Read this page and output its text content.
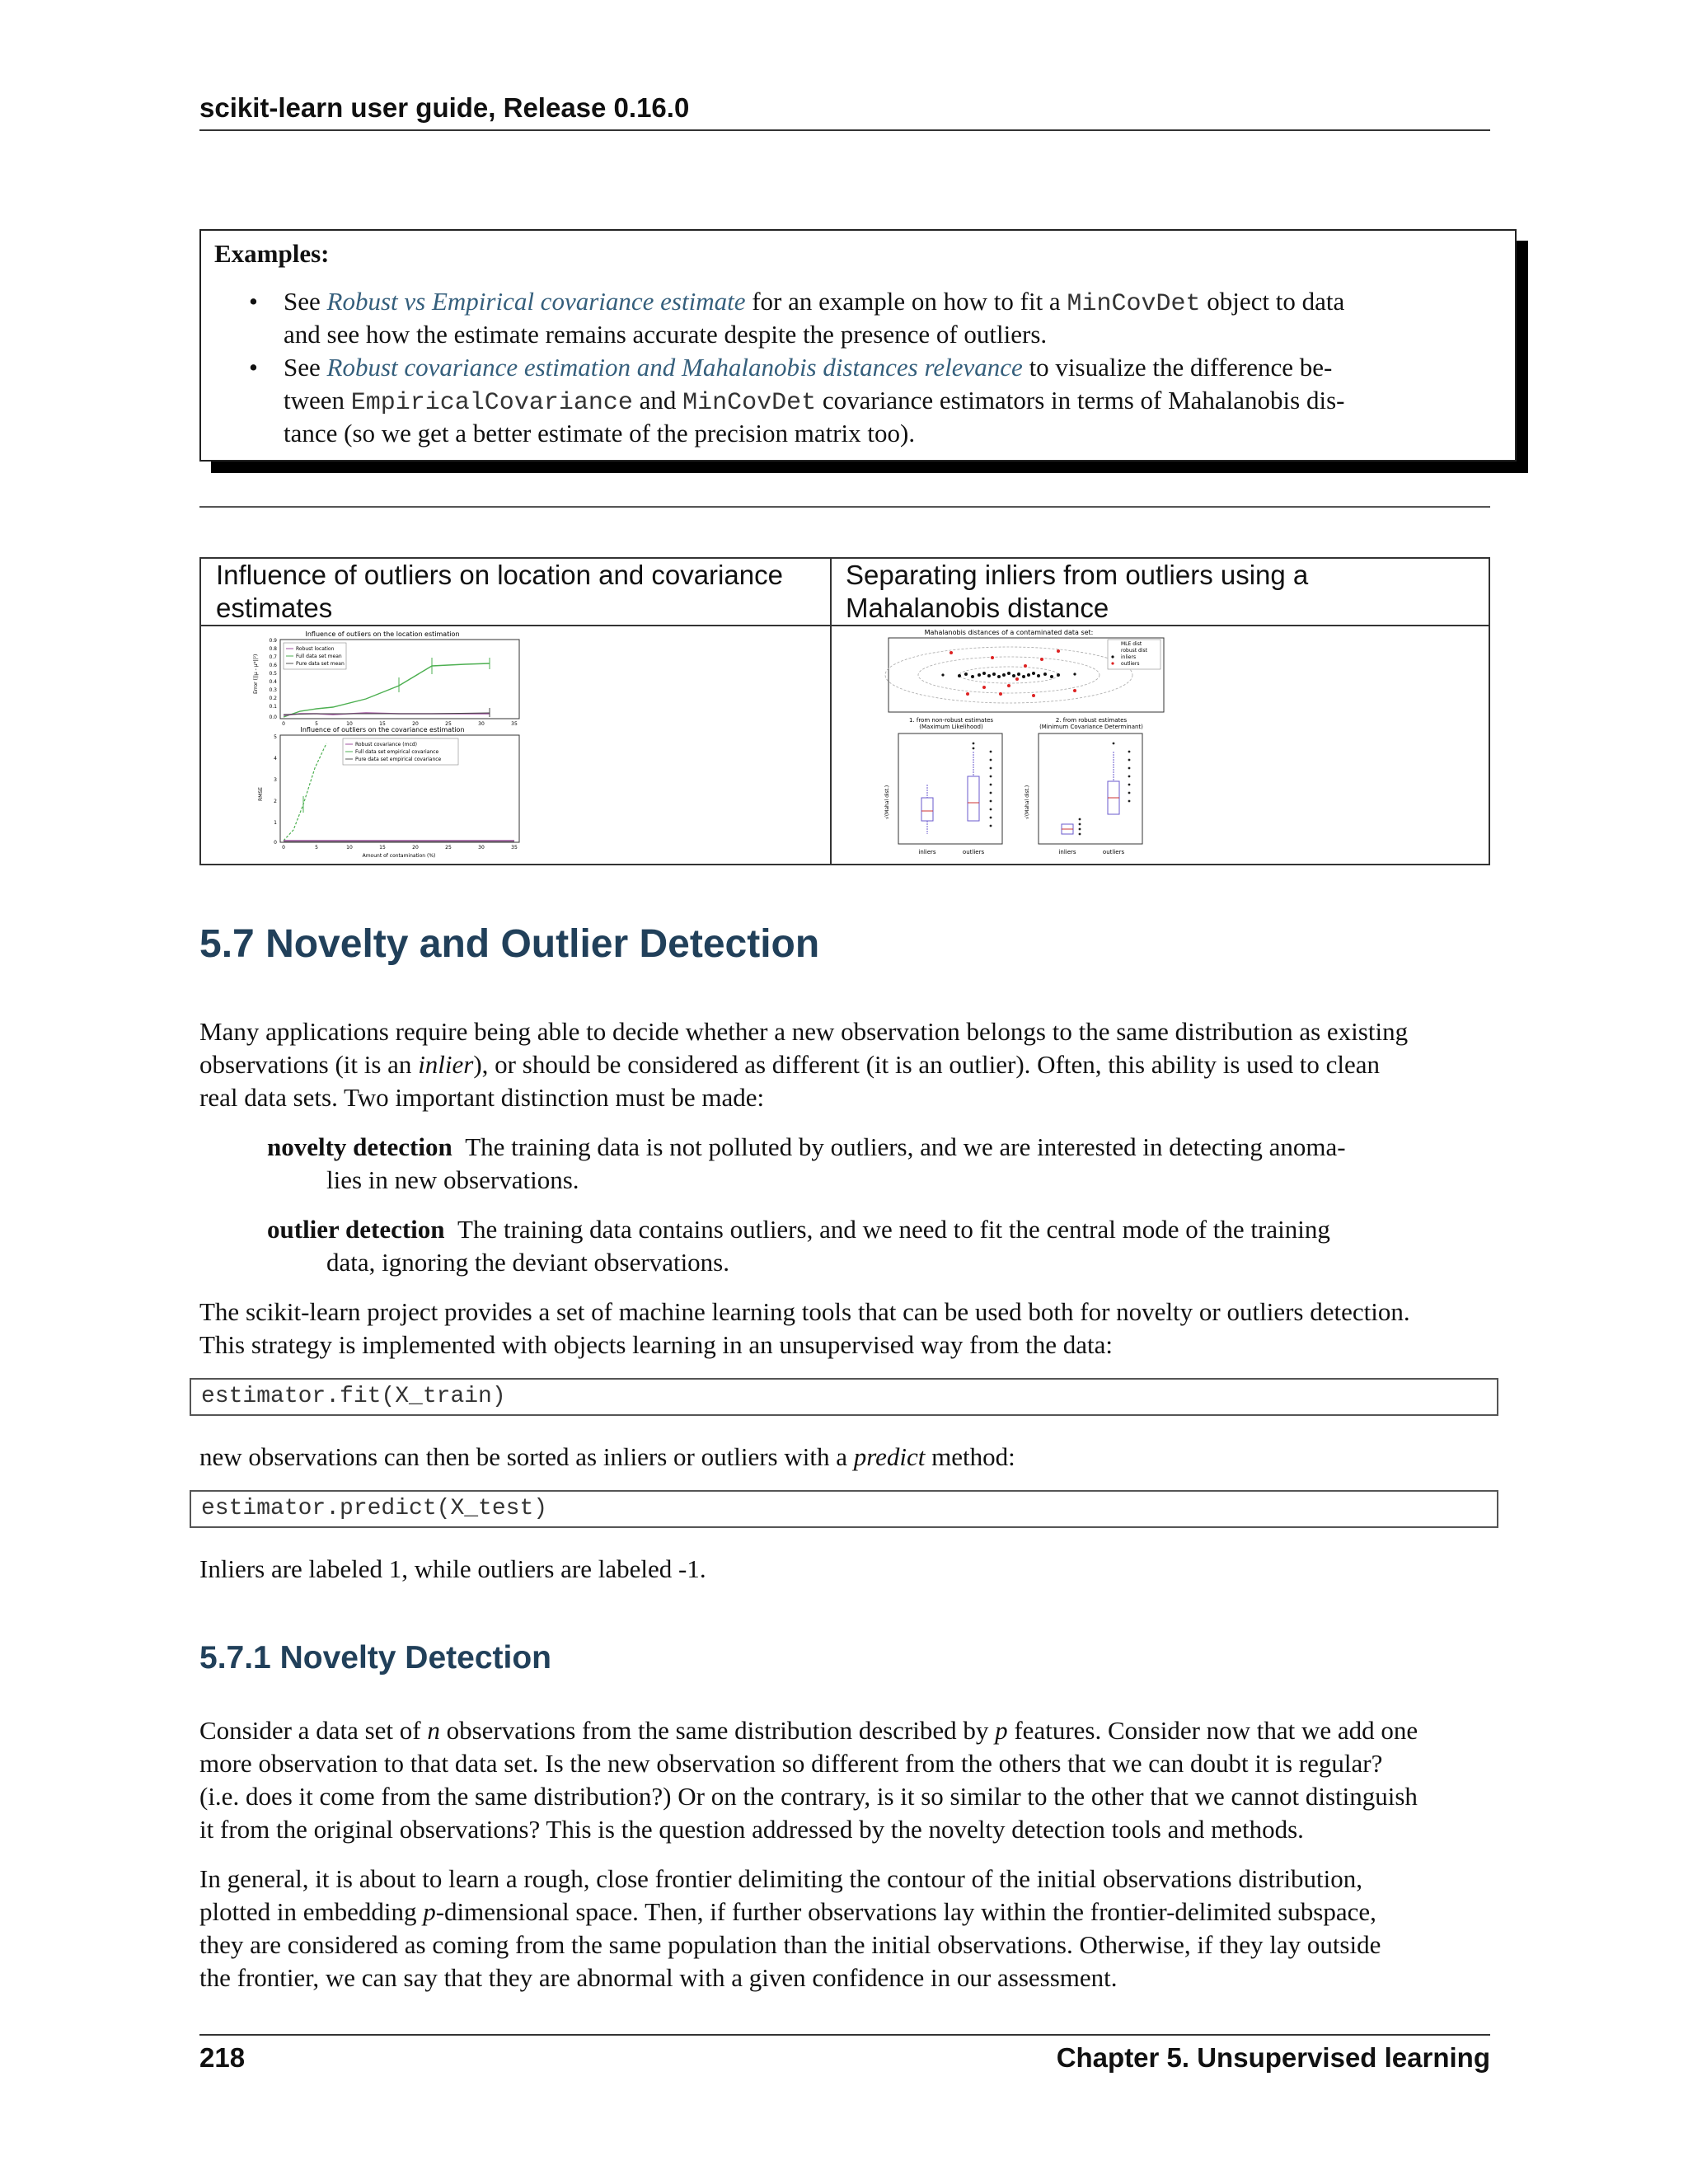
scikit-learn user guide, Release 0.16.0
Examples:
• See Robust vs Empirical covariance estimate for an example on how to fit a MinCovDet object to data
and see how the estimate remains accurate despite the presence of outliers.
• See Robust covariance estimation and Mahalanobis distances relevance to visualize the difference be-
tween EmpiricalCovariance and MinCovDet covariance estimators in terms of Mahalanobis dis-
tance (so we get a better estimate of the precision matrix too).
Influence of outliers on location and covariance
estimates
Separating inliers from outliers using a
Mahalanobis distance
Influence of outliers on the location estimation
Error (||μ - μ*||²)
0.9
0.8
0.7
0.6
0.5
0.4
0.3
0.2
0.1
0.0
Robust location
Full data set mean
Pure data set mean
0	5	10	15	20	25	30	35
Influence of outliers on the covariance estimation
RMSE
5
4
3
2
1
0
Robust covariance (mcd)
Full data set empirical covariance
Pure data set empirical covariance
0	5	10	15	20	25	30	35
Amount of contamination (%)
Mahalanobis distances of a contaminated data set:
MLE dist
robust dist
inliers
outliers
1. from non-robust estimates
(Maximum Likelihood)
2. from robust estimates
(Minimum Covariance Determinant)
√(Mahal dist.)
inliers	outliers
√(Mahal dist.)
inliers	outliers
5.7 Novelty and Outlier Detection
Many applications require being able to decide whether a new observation belongs to the same distribution as existing
observations (it is an inlier), or should be considered as different (it is an outlier). Often, this ability is used to clean
real data sets. Two important distinction must be made:
novelty detection The training data is not polluted by outliers, and we are interested in detecting anoma-
lies in new observations.
outlier detection The training data contains outliers, and we need to fit the central mode of the training
data, ignoring the deviant observations.
The scikit-learn project provides a set of machine learning tools that can be used both for novelty or outliers detection.
This strategy is implemented with objects learning in an unsupervised way from the data:
estimator.fit(X_train)
new observations can then be sorted as inliers or outliers with a predict method:
estimator.predict(X_test)
Inliers are labeled 1, while outliers are labeled -1.
5.7.1 Novelty Detection
Consider a data set of n observations from the same distribution described by p features. Consider now that we add one
more observation to that data set. Is the new observation so different from the others that we can doubt it is regular?
(i.e. does it come from the same distribution?) Or on the contrary, is it so similar to the other that we cannot distinguish
it from the original observations? This is the question addressed by the novelty detection tools and methods.
In general, it is about to learn a rough, close frontier delimiting the contour of the initial observations distribution,
plotted in embedding p-dimensional space. Then, if further observations lay within the frontier-delimited subspace,
they are considered as coming from the same population than the initial observations. Otherwise, if they lay outside
the frontier, we can say that they are abnormal with a given confidence in our assessment.
218	Chapter 5. Unsupervised learning
